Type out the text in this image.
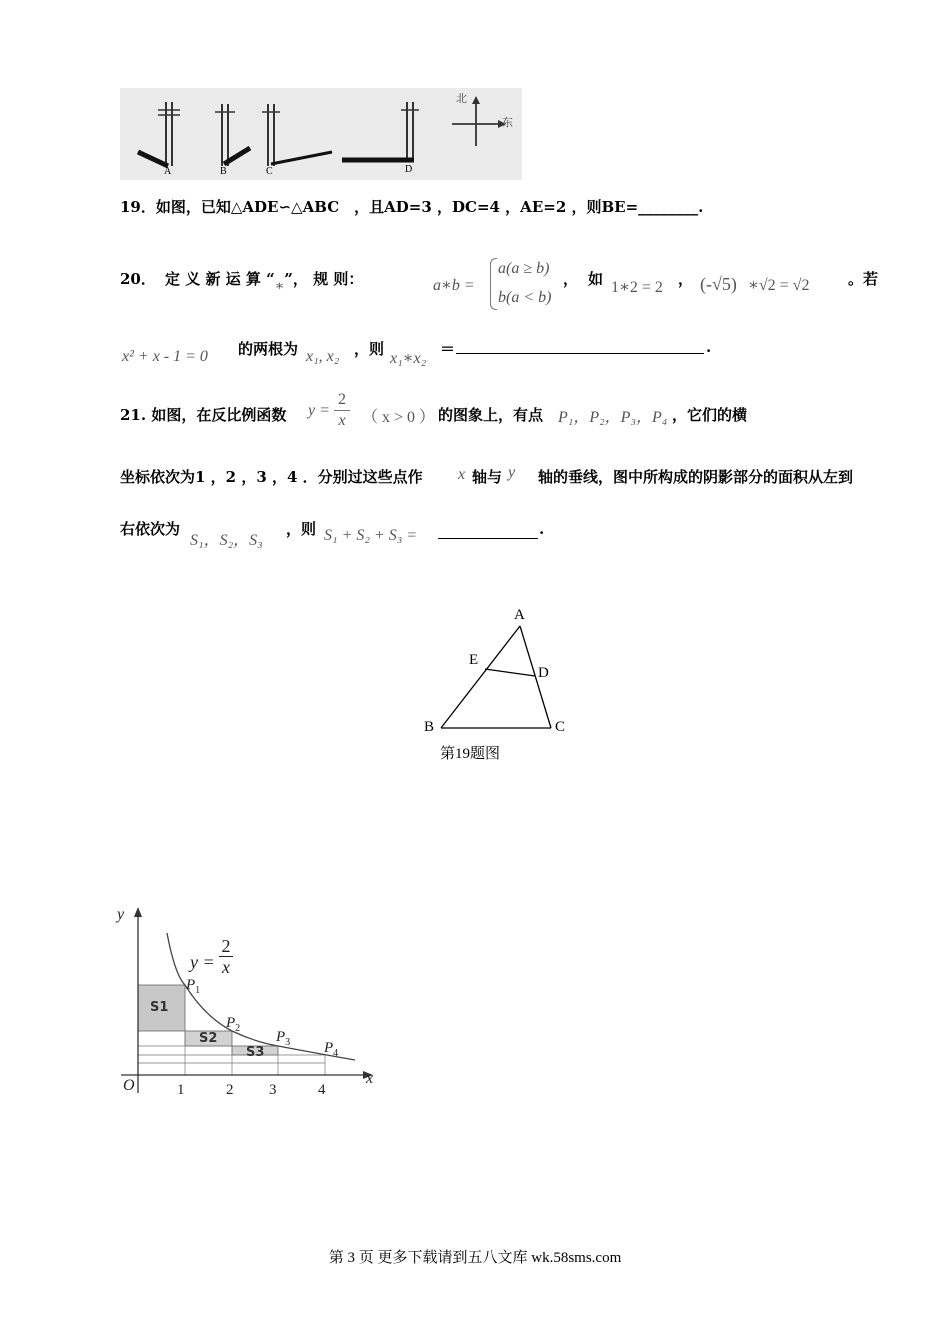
A	B	C	D
北
东
19．如图，已知△ADE∽△ABC　，且AD=3 ，DC=4 ，AE=2 ，则BE=________.
20． 定 义 新 运 算 “∗”， 规 则：	a∗b =
a(a ≥ b)
b(a < b)
， 如 1∗2 = 2 ， (-√5) ∗√2 = √2	。若
x² + x - 1 = 0 的两根为 x₁, x₂ ，则
x₁∗x₂
＝	.
21. 如图，在反比例函数 y =
2
x （ x > 0 ） 的图象上，有点 P₁，P₂，P₃，P₄ ，它们的横
坐标依次为1 ，2 ，3 ，4 ．分别过这些点作 x 轴与 y 轴的垂线，图中所构成的阴影部分的面积从左到
右依次为
S₁，S₂，S₃
，则 S₁ + S₂ + S₃ =	.
A
E
D
B	C
第19题图
y
x
O
y =
2
x
$P_1$
$P_2$
$P_3$ $P_4$
S1
S2
S3
1	2 3	4
第 3 页 更多下载请到五八文库 wk.58sms.com
